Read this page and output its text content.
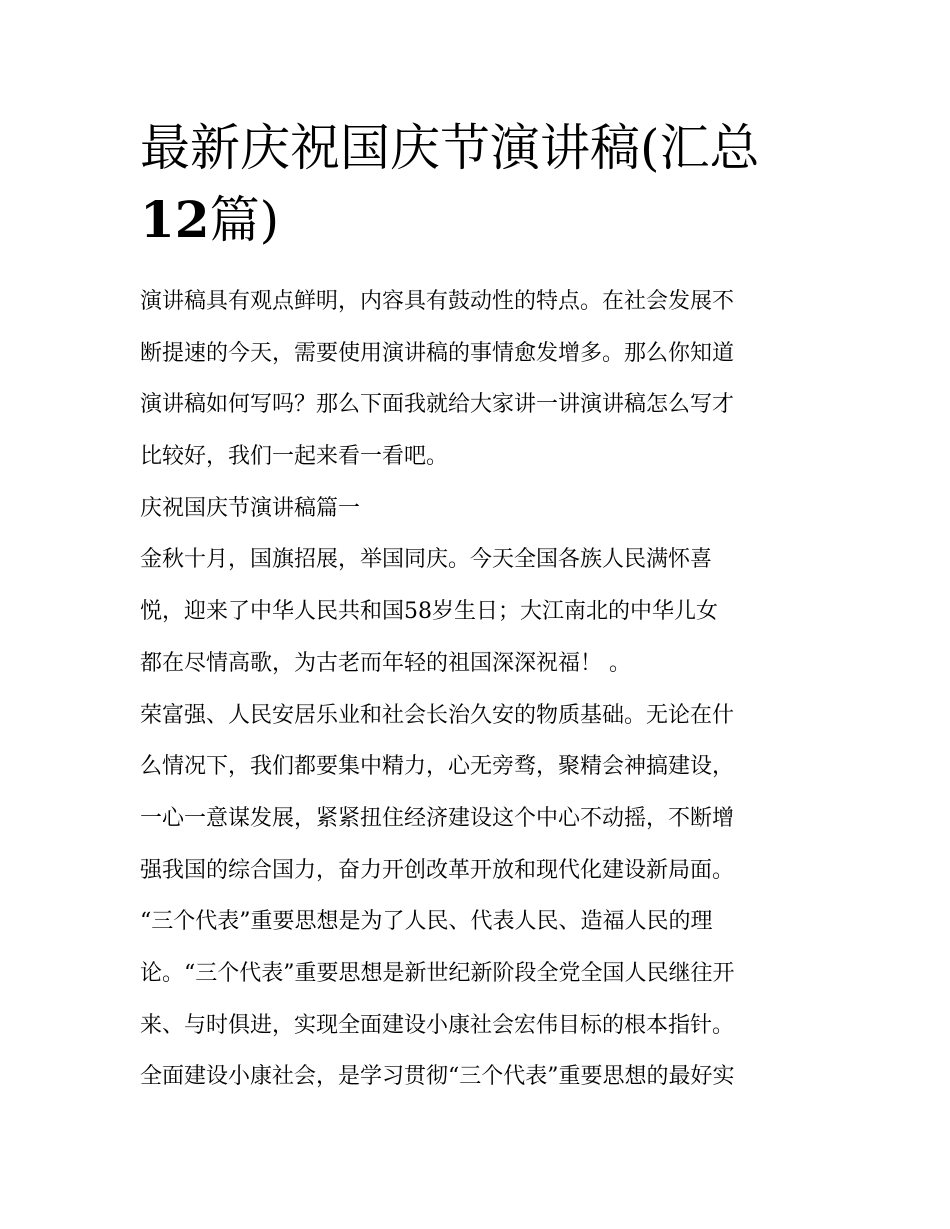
最新庆祝国庆节演讲稿(汇总
12篇)
演讲稿具有观点鲜明，内容具有鼓动性的特点。在社会发展不
断提速的今天，需要使用演讲稿的事情愈发增多。那么你知道
演讲稿如何写吗？那么下面我就给大家讲一讲演讲稿怎么写才
比较好，我们一起来看一看吧。
庆祝国庆节演讲稿篇一
金秋十月，国旗招展，举国同庆。今天全国各族人民满怀喜
悦，迎来了中华人民共和国58岁生日；大江南北的中华儿女
都在尽情高歌，为古老而年轻的祖国深深祝福！ 。
荣富强、人民安居乐业和社会长治久安的物质基础。无论在什
么情况下，我们都要集中精力，心无旁骛，聚精会神搞建设，
一心一意谋发展，紧紧扭住经济建设这个中心不动摇，不断增
强我国的综合国力，奋力开创改革开放和现代化建设新局面。
“三个代表”重要思想是为了人民、代表人民、造福人民的理
论。“三个代表”重要思想是新世纪新阶段全党全国人民继往开
来、与时俱进，实现全面建设小康社会宏伟目标的根本指针。
全面建设小康社会，是学习贯彻“三个代表”重要思想的最好实
